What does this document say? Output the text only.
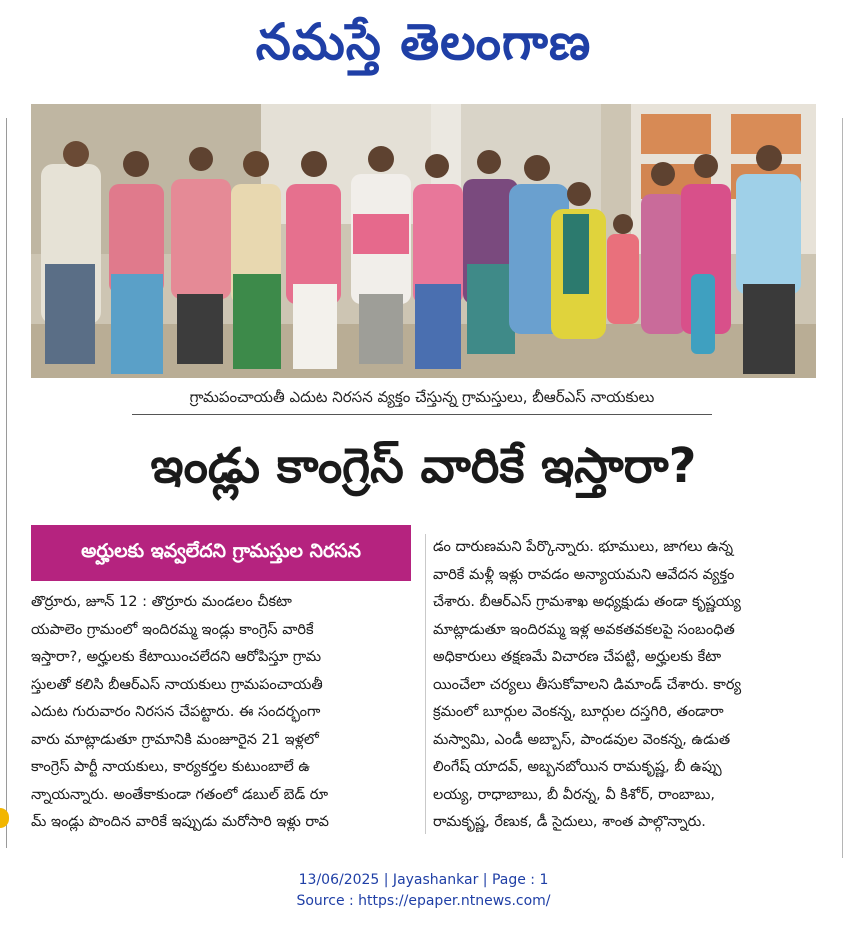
నమస్తే తెలంగాణ
గ్రామపంచాయతీ ఎదుట నిరసన వ్యక్తం చేస్తున్న గ్రామస్తులు, బీఆర్‌ఎస్ నాయకులు
ఇండ్లు కాంగ్రెస్ వారికే ఇస్తారా?
అర్హులకు ఇవ్వలేదని గ్రామస్తుల నిరసన
తొర్రూరు, జూన్ 12 : తొర్రూరు మండలం చీకటా
యపాలెం గ్రామంలో ఇందిరమ్మ ఇండ్లు కాంగ్రెస్ వారికే
ఇస్తారా?, అర్హులకు కేటాయించలేదని ఆరోపిస్తూ గ్రామ
స్తులతో కలిసి బీఆర్‌ఎస్ నాయకులు గ్రామపంచాయతీ
ఎదుట గురువారం నిరసన చేపట్టారు. ఈ సందర్భంగా
వారు మాట్లాడుతూ గ్రామానికి మంజూరైన 21 ఇళ్లలో
కాంగ్రెస్ పార్టీ నాయకులు, కార్యకర్తల కుటుంబాలే ఉ
న్నాయన్నారు. అంతేకాకుండా గతంలో డబుల్ బెడ్ రూ
మ్ ఇండ్లు పొందిన వారికే ఇప్పుడు మరోసారి ఇళ్లు రావ
డం దారుణమని పేర్కొన్నారు. భూములు, జాగలు ఉన్న
వారికే మళ్లీ ఇళ్లు రావడం అన్యాయమని ఆవేదన వ్యక్తం
చేశారు. బీఆర్‌ఎస్ గ్రామశాఖ అధ్యక్షుడు తండా కృష్ణయ్య
మాట్లాడుతూ ఇందిరమ్మ ఇళ్ల అవకతవకలపై సంబంధిత
అధికారులు తక్షణమే విచారణ చేపట్టి, అర్హులకు కేటా
యించేలా చర్యలు తీసుకోవాలని డిమాండ్ చేశారు. కార్య
క్రమంలో బూర్గుల వెంకన్న, బూర్గుల దస్తగిరి, తండారా
మస్వామి, ఎండీ అబ్బాస్, పాండవుల వెంకన్న, ఉడుత
లింగేష్ యాదవ్, అబ్బనబోయిన రామకృష్ణ, బీ ఉప్పు
లయ్య, రాధాబాబు, బీ వీరన్న, వీ కిశోర్, రాంబాబు,
రామకృష్ణ, రేణుక, డీ సైదులు, శాంత పాల్గొన్నారు.
13/06/2025 | Jayashankar | Page : 1
Source : https://epaper.ntnews.com/
